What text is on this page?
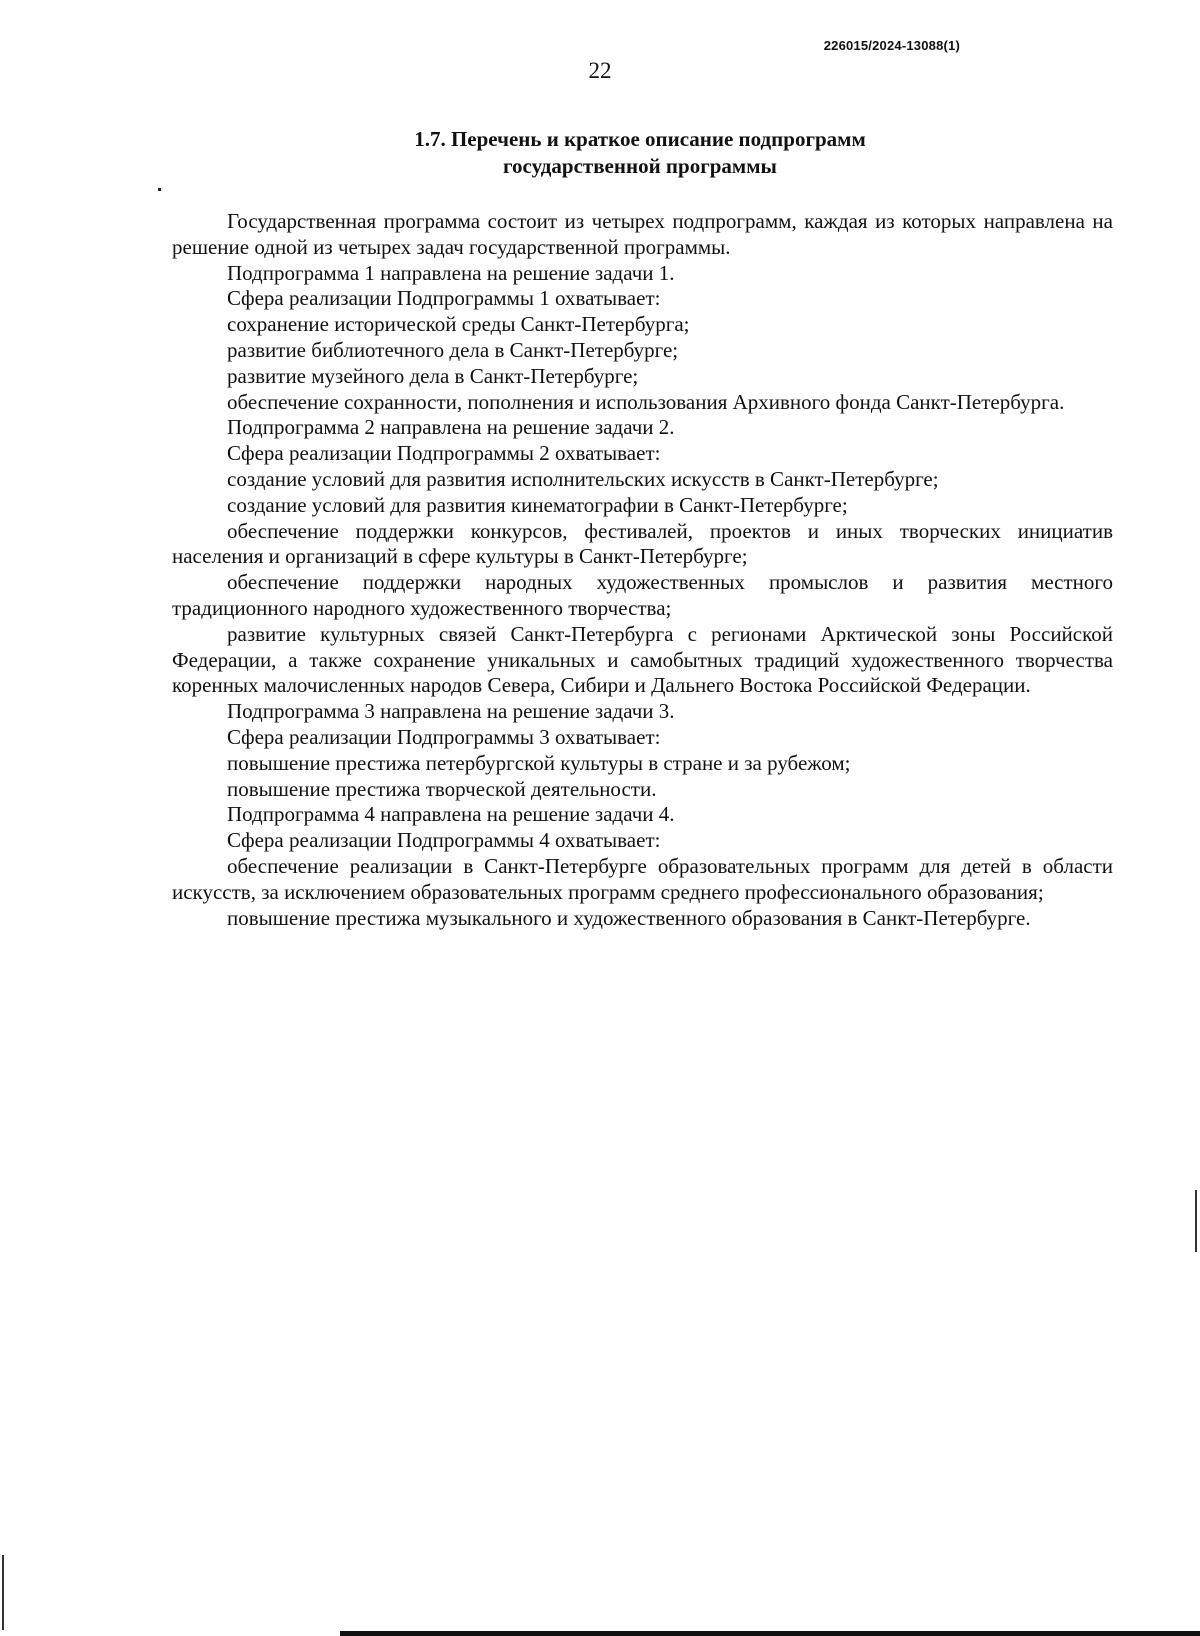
226015/2024-13088(1)
22
1.7. Перечень и краткое описание подпрограмм
государственной программы

Государственная программа состоит из четырех подпрограмм, каждая из которых направлена на решение одной из четырех задач государственной программы.

Подпрограмма 1 направлена на решение задачи 1.

Сфера реализации Подпрограммы 1 охватывает:

сохранение исторической среды Санкт-Петербурга;

развитие библиотечного дела в Санкт-Петербурге;

развитие музейного дела в Санкт-Петербурге;

обеспечение сохранности, пополнения и использования Архивного фонда Санкт-Петербурга.

Подпрограмма 2 направлена на решение задачи 2.

Сфера реализации Подпрограммы 2 охватывает:

создание условий для развития исполнительских искусств в Санкт-Петербурге;

создание условий для развития кинематографии в Санкт-Петербурге;

обеспечение поддержки конкурсов, фестивалей, проектов и иных творческих инициатив населения и организаций в сфере культуры в Санкт-Петербурге;

обеспечение поддержки народных художественных промыслов и развития местного традиционного народного художественного творчества;

развитие культурных связей Санкт-Петербурга с регионами Арктической зоны Российской Федерации, а также сохранение уникальных и самобытных традиций художественного творчества коренных малочисленных народов Севера, Сибири и Дальнего Востока Российской Федерации.

Подпрограмма 3 направлена на решение задачи 3.

Сфера реализации Подпрограммы 3 охватывает:

повышение престижа петербургской культуры в стране и за рубежом;

повышение престижа творческой деятельности.

Подпрограмма 4 направлена на решение задачи 4.

Сфера реализации Подпрограммы 4 охватывает:

обеспечение реализации в Санкт-Петербурге образовательных программ для детей в области искусств, за исключением образовательных программ среднего профессионального образования;

повышение престижа музыкального и художественного образования в Санкт-Петербурге.
